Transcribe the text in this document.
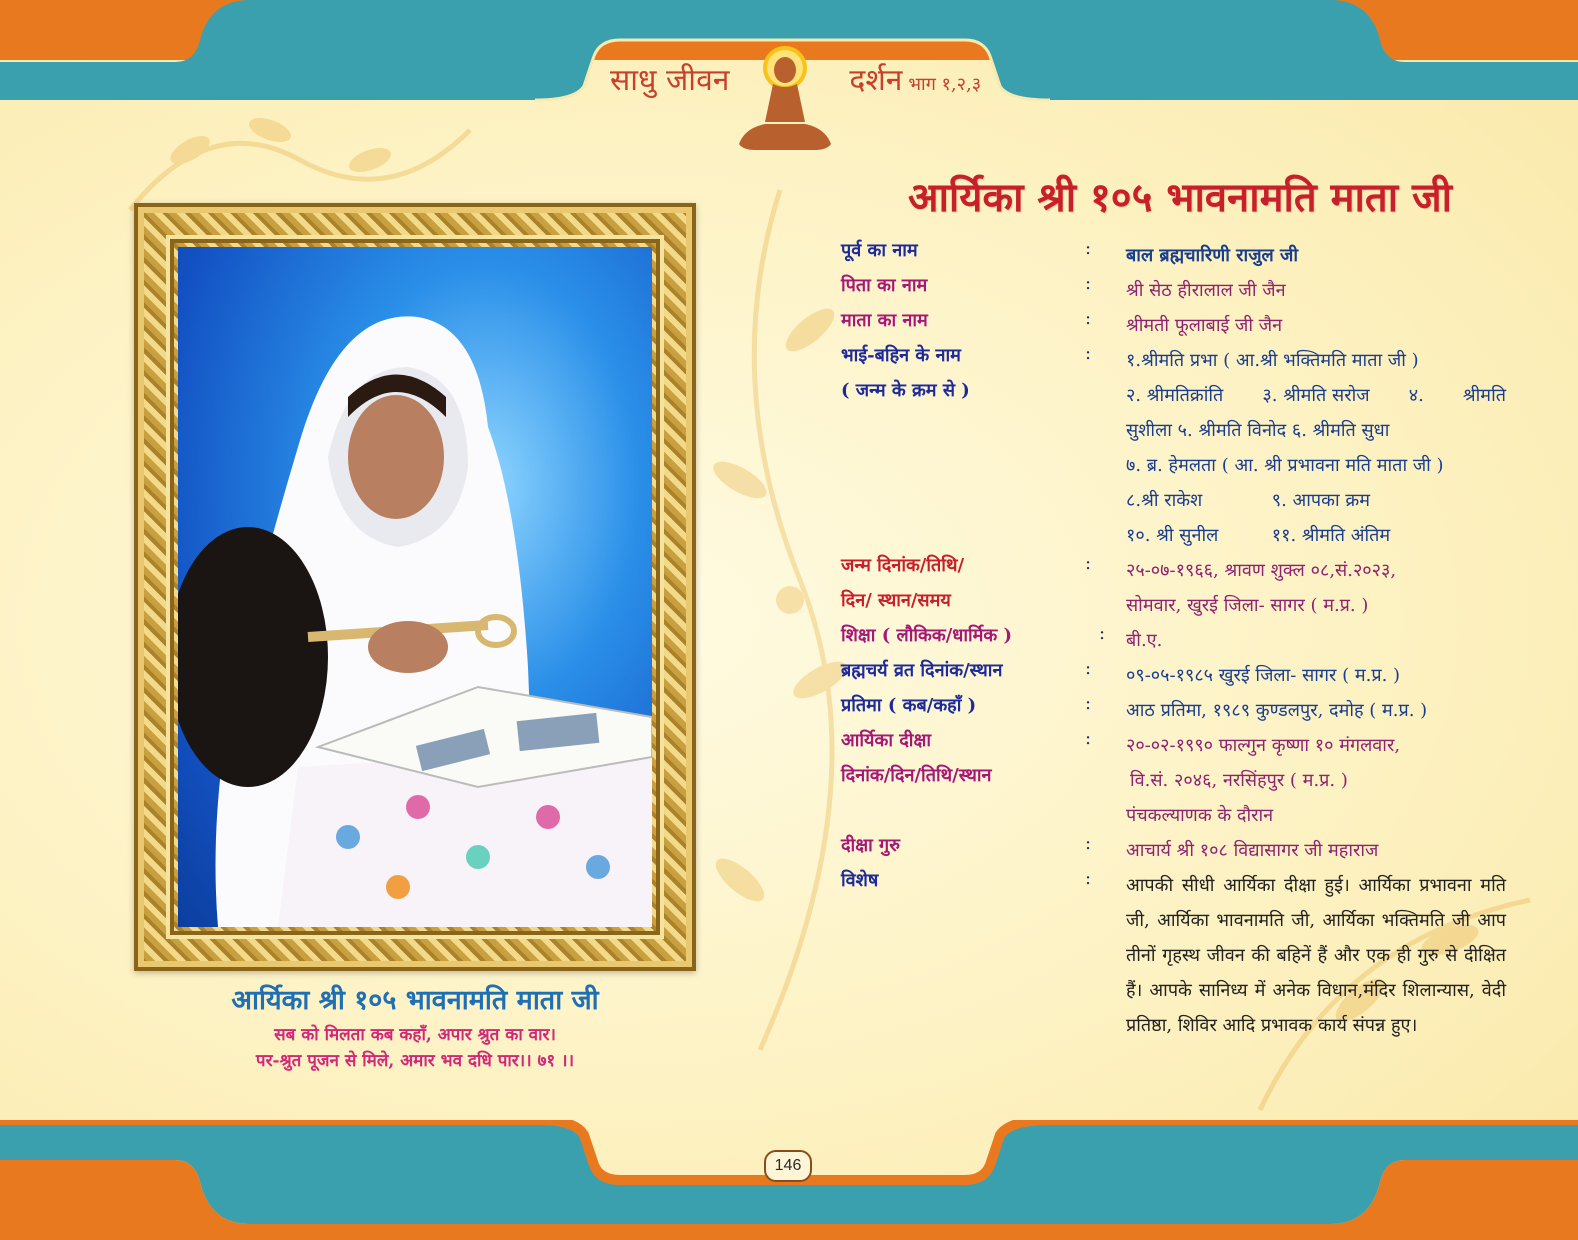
साधु जीवन	दर्शन भाग १,२,३
आर्यिका श्री १०५ भावनामति माता जी
सब को मिलता कब कहाँ, अपार श्रुत का वार।
पर-श्रुत पूजन से मिले, अमार भव दधि पार।। ७१ ।।
आर्यिका श्री १०५ भावनामति माता जी
पूर्व का नाम	: बाल ब्रह्मचारिणी राजुल जी
पिता का नाम	: श्री सेठ हीरालाल जी जैन
माता का नाम	: श्रीमती फूलाबाई जी जैन
भाई-बहिन के नाम
( जन्म के क्रम से )
: १.श्रीमति प्रभा ( आ.श्री भक्तिमति माता जी )
२. श्रीमतिक्रांति ३. श्रीमति सरोज ४. श्रीमति
सुशीला ५. श्रीमति विनोद ६. श्रीमति सुधा
७. ब्र. हेमलता ( आ. श्री प्रभावना मति माता जी )
८.श्री राकेश	९. आपका क्रम
१०. श्री सुनील	११. श्रीमति अंतिम
जन्म दिनांक/तिथि/
दिन/ स्थान/समय
: २५-०७-१९६६, श्रावण शुक्ल ०८,सं.२०२३,
सोमवार, खुरई जिला- सागर ( म.प्र. )
शिक्षा ( लौकिक/धार्मिक )	: बी.ए.
ब्रह्मचर्य व्रत दिनांक/स्थान	: ०९-०५-१९८५ खुरई जिला- सागर ( म.प्र. )
प्रतिमा ( कब/कहाँ )	: आठ प्रतिमा, १९८९ कुण्डलपुर, दमोह ( म.प्र. )
आर्यिका दीक्षा
दिनांक/दिन/तिथि/स्थान
: २०-०२-१९९० फाल्गुन कृष्णा १० मंगलवार,
वि.सं. २०४६, नरसिंहपुर ( म.प्र. )
पंचकल्याणक के दौरान
दीक्षा गुरु	: आचार्य श्री १०८ विद्यासागर जी महाराज
विशेष	: आपकी सीधी आर्यिका दीक्षा हुई। आर्यिका प्रभावना मति जी, आर्यिका भावनामति जी, आर्यिका भक्तिमति जी आप तीनों गृहस्थ जीवन की बहिनें हैं और एक ही गुरु से दीक्षित हैं। आपके सानिध्य में अनेक विधान,मंदिर शिलान्यास, वेदी प्रतिष्ठा, शिविर आदि प्रभावक कार्य संपन्न हुए।
146
